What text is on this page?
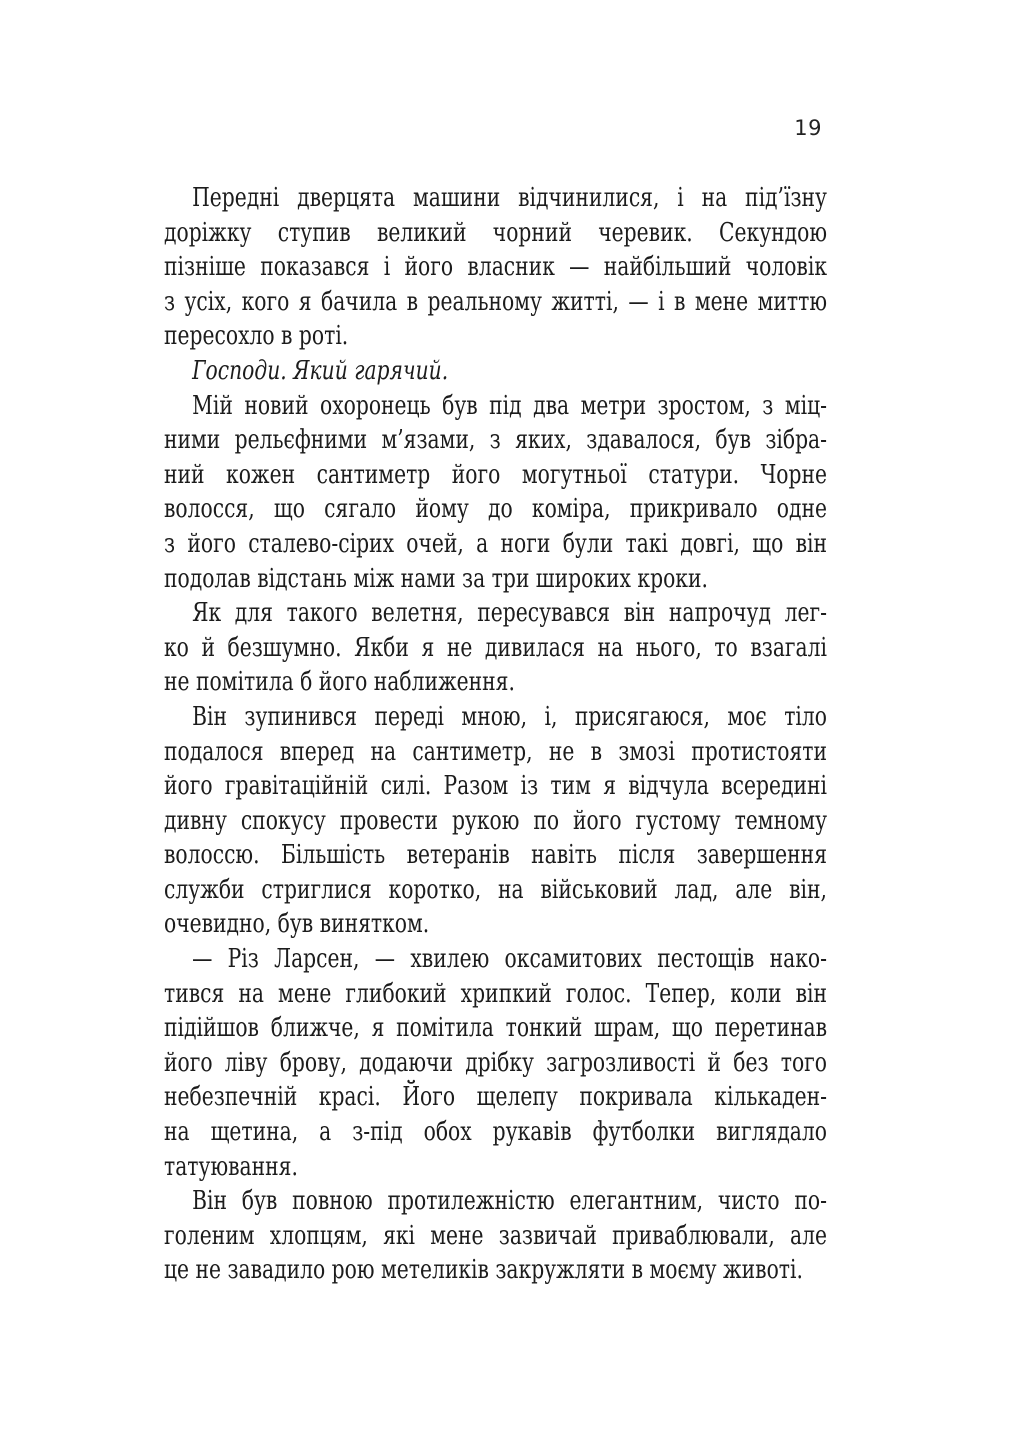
19

Передні дверцята машини відчинилися, і на під’їзну
доріжку ступив великий чорний черевик. Секундою
пізніше показався і його власник — найбільший чоловік
з усіх, кого я бачила в реальному житті, — і в мене миттю
пересохло в роті.

Господи. Який гарячий.

Мій новий охоронець був під два метри зростом, з міц-
ними рельєфними м’язами, з яких, здавалося, був зібра-
ний кожен сантиметр його могутньої статури. Чорне
волосся, що сягало йому до коміра, прикривало одне
з його сталево-сірих очей, а ноги були такі довгі, що він
подолав відстань між нами за три широких кроки.

Як для такого велетня, пересувався він напрочуд лег-
ко й безшумно. Якби я не дивилася на нього, то взагалі
не помітила б його наближення.

Він зупинився переді мною, і, присягаюся, моє тіло
подалося вперед на сантиметр, не в змозі протистояти
його гравітаційній силі. Разом із тим я відчула всередині
дивну спокусу провести рукою по його густому темному
волоссю. Більшість ветеранів навіть після завершення
служби стриглися коротко, на військовий лад, але він,
очевидно, був винятком.

— Різ Ларсен, — хвилею оксамитових пестощів нако-
тився на мене глибокий хрипкий голос. Тепер, коли він
підійшов ближче, я помітила тонкий шрам, що перетинав
його ліву брову, додаючи дрібку загрозливості й без того
небезпечній красі. Його щелепу покривала кількаден-
на щетина, а з-під обох рукавів футболки виглядало
татуювання.

Він був повною протилежністю елегантним, чисто по-
голеним хлопцям, які мене зазвичай приваблювали, але
це не завадило рою метеликів закружляти в моєму животі.
